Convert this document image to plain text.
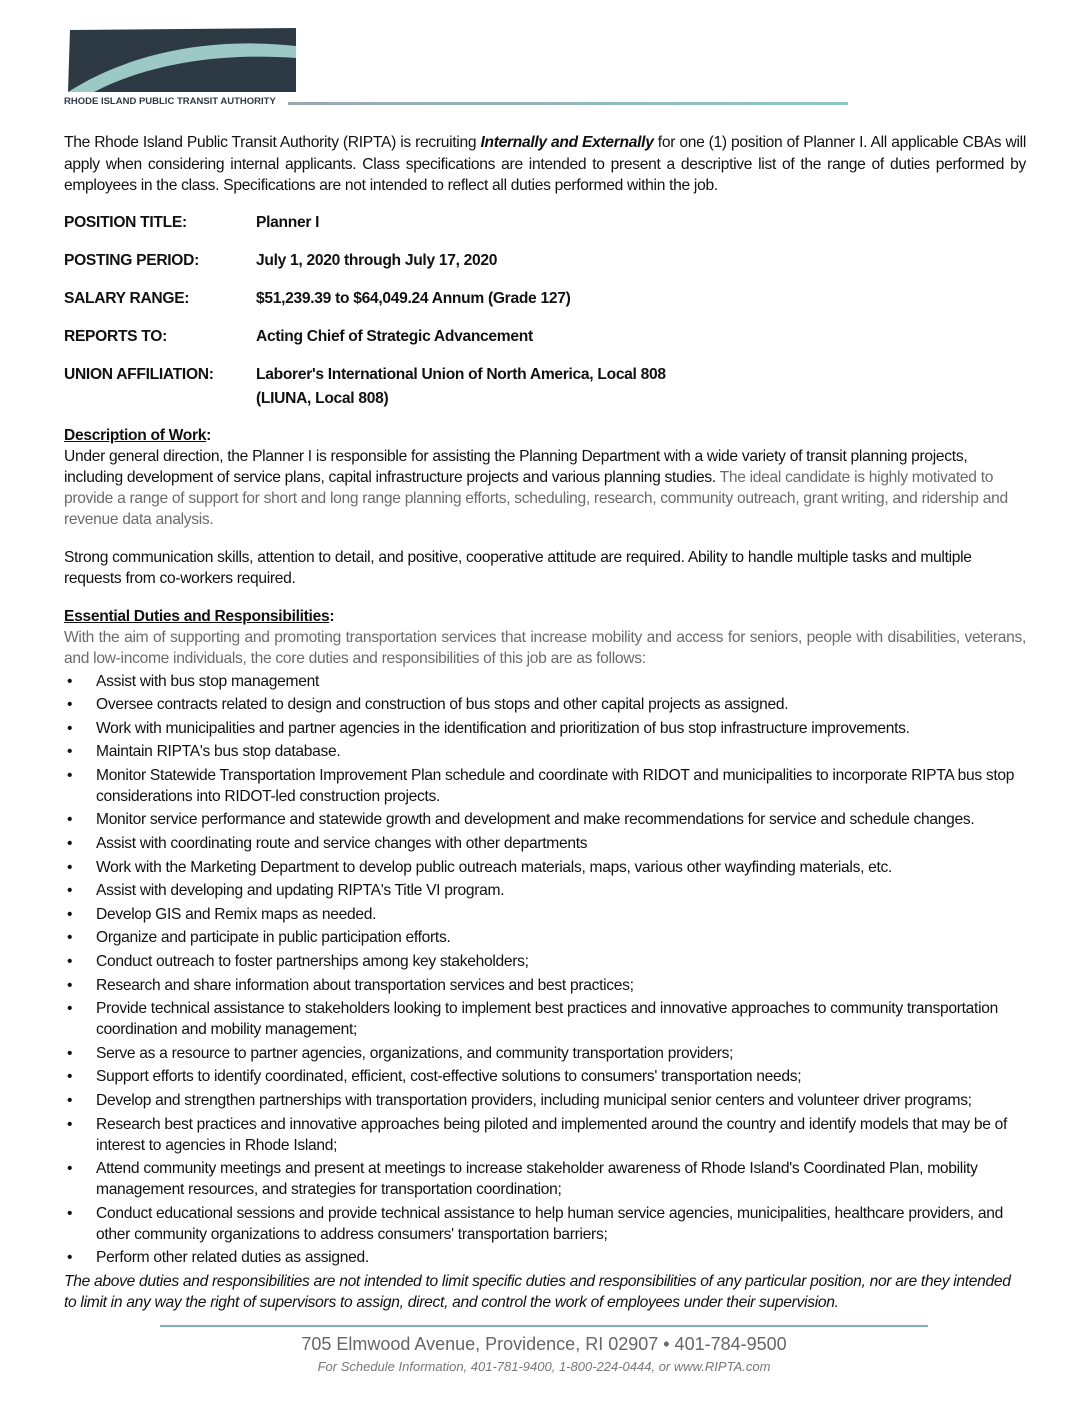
RHODE ISLAND PUBLIC TRANSIT AUTHORITY
The Rhode Island Public Transit Authority (RIPTA) is recruiting Internally and Externally for one (1) position of Planner I. All applicable CBAs will apply when considering internal applicants. Class specifications are intended to present a descriptive list of the range of duties performed by employees in the class. Specifications are not intended to reflect all duties performed within the job.
POSITION TITLE:	Planner I
POSTING PERIOD:	July 1, 2020 through July 17, 2020
SALARY RANGE:	$51,239.39 to $64,049.24 Annum (Grade 127)
REPORTS TO:	Acting Chief of Strategic Advancement
UNION AFFILIATION:	Laborer's International Union of North America, Local 808
(LIUNA, Local 808)
Description of Work:
Under general direction, the Planner I is responsible for assisting the Planning Department with a wide variety of transit planning projects, including development of service plans, capital infrastructure projects and various planning studies. The ideal candidate is highly motivated to provide a range of support for short and long range planning efforts, scheduling, research, community outreach, grant writing, and ridership and revenue data analysis.
Strong communication skills, attention to detail, and positive, cooperative attitude are required. Ability to handle multiple tasks and multiple requests from co-workers required.
Essential Duties and Responsibilities:
With the aim of supporting and promoting transportation services that increase mobility and access for seniors, people with disabilities, veterans, and low-income individuals, the core duties and responsibilities of this job are as follows:
• Assist with bus stop management
• Oversee contracts related to design and construction of bus stops and other capital projects as assigned.
• Work with municipalities and partner agencies in the identification and prioritization of bus stop infrastructure improvements.
• Maintain RIPTA's bus stop database.
• Monitor Statewide Transportation Improvement Plan schedule and coordinate with RIDOT and municipalities to incorporate RIPTA bus stop considerations into RIDOT-led construction projects.
• Monitor service performance and statewide growth and development and make recommendations for service and schedule changes.
• Assist with coordinating route and service changes with other departments
• Work with the Marketing Department to develop public outreach materials, maps, various other wayfinding materials, etc.
• Assist with developing and updating RIPTA's Title VI program.
• Develop GIS and Remix maps as needed.
• Organize and participate in public participation efforts.
• Conduct outreach to foster partnerships among key stakeholders;
• Research and share information about transportation services and best practices;
• Provide technical assistance to stakeholders looking to implement best practices and innovative approaches to community transportation coordination and mobility management;
• Serve as a resource to partner agencies, organizations, and community transportation providers;
• Support efforts to identify coordinated, efficient, cost-effective solutions to consumers' transportation needs;
• Develop and strengthen partnerships with transportation providers, including municipal senior centers and volunteer driver programs;
• Research best practices and innovative approaches being piloted and implemented around the country and identify models that may be of interest to agencies in Rhode Island;
• Attend community meetings and present at meetings to increase stakeholder awareness of Rhode Island's Coordinated Plan, mobility management resources, and strategies for transportation coordination;
• Conduct educational sessions and provide technical assistance to help human service agencies, municipalities, healthcare providers, and other community organizations to address consumers' transportation barriers;
• Perform other related duties as assigned.
The above duties and responsibilities are not intended to limit specific duties and responsibilities of any particular position, nor are they intended to limit in any way the right of supervisors to assign, direct, and control the work of employees under their supervision.
705 Elmwood Avenue, Providence, RI 02907 • 401-784-9500
For Schedule Information, 401-781-9400, 1-800-224-0444, or www.RIPTA.com
